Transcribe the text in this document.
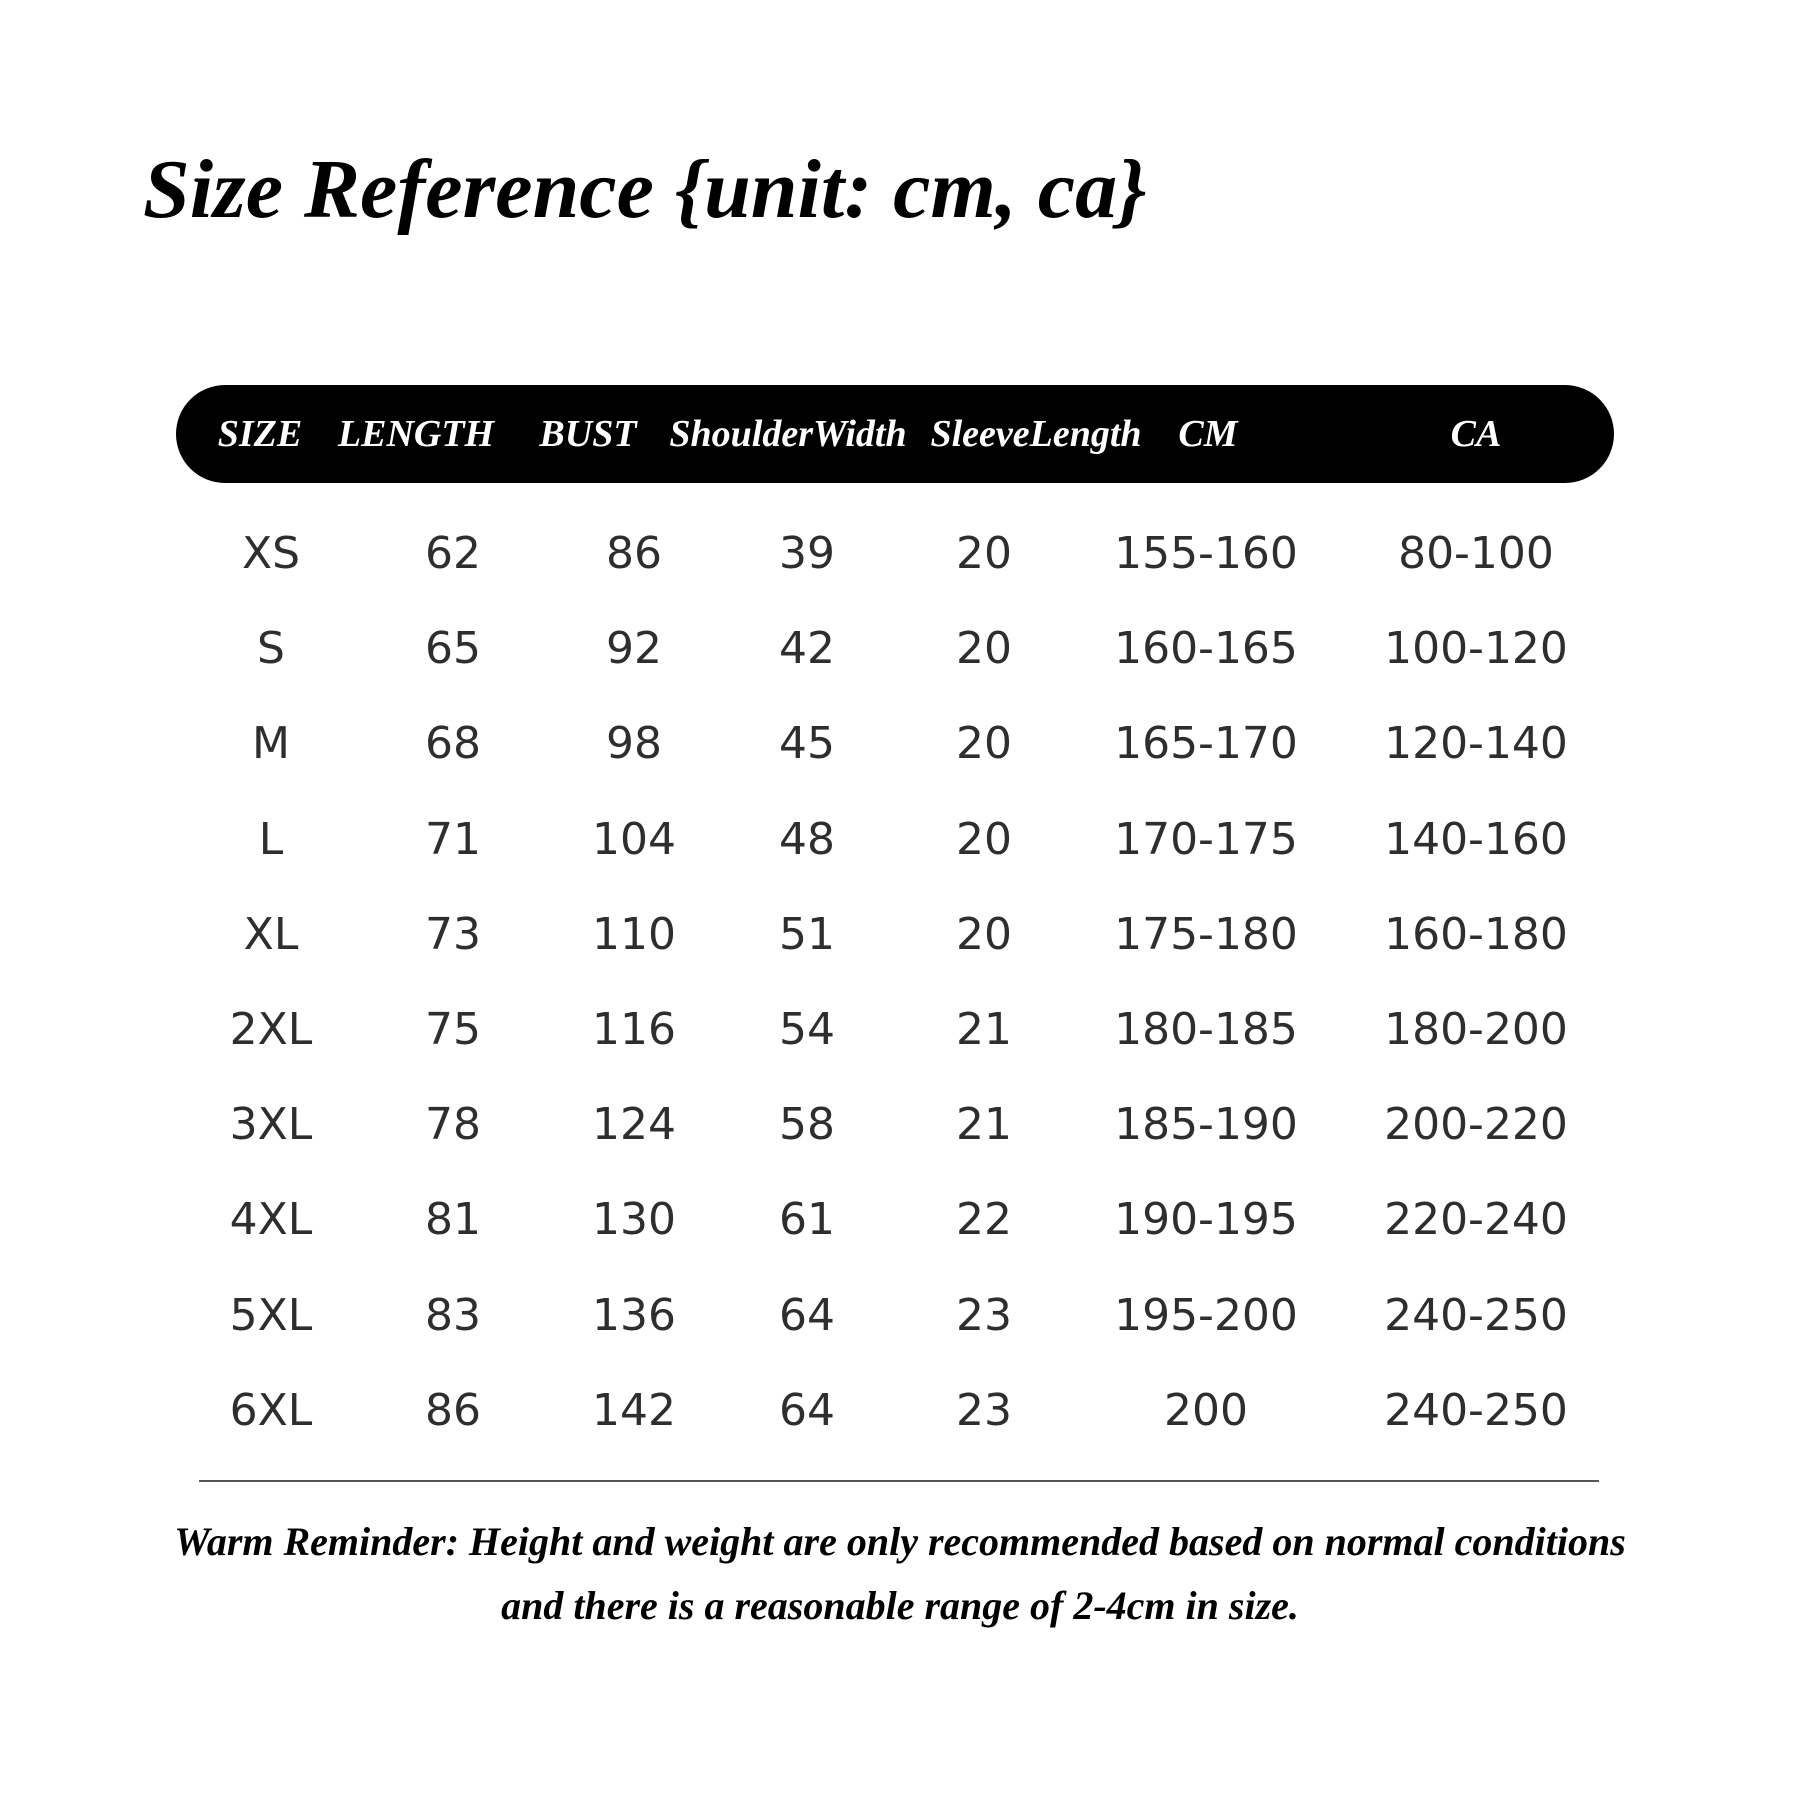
Size Reference {unit: cm, ca}
SIZE LENGTH BUST ShoulderWidth SleeveLength CM	CA
XS	62	86	39	20 155-160 80-100
S	65	92	42	20 160-165 100-120
M	68	98	45	20 165-170 120-140
L	71	104 48	20 170-175 140-160
XL	73	110 51	20 175-180 160-180
2XL	75	116 54	21 180-185 180-200
3XL	78	124 58	21 185-190 200-220
4XL	81	130 61	22 190-195 220-240
5XL	83	136 64	23 195-200 240-250
6XL	86	142 64	23	200	240-250
Warm Reminder: Height and weight are only recommended based on normal conditions
and there is a reasonable range of 2-4cm in size.
